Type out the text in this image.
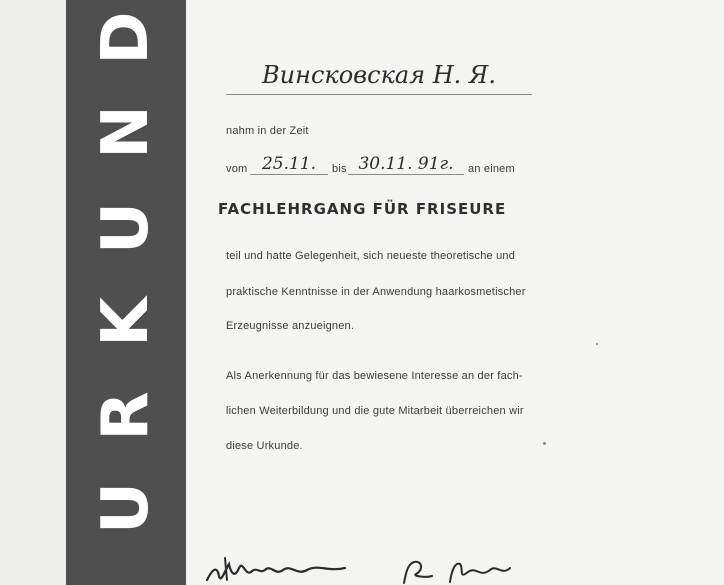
D
N
U
K
R
U
Винсковская Н. Я.
nahm in der Zeit
vom 25.11.	bis 30.11. 91г.	an einem
FACHLEHRGANG FÜR FRISEURE
teil und hatte Gelegenheit, sich neueste theoretische und
praktische Kenntnisse in der Anwendung haarkosmetischer
Erzeugnisse anzueignen.
Als Anerkennung für das bewiesene Interesse an der fach-
lichen Weiterbildung und die gute Mitarbeit überreichen wir
diese Urkunde.
